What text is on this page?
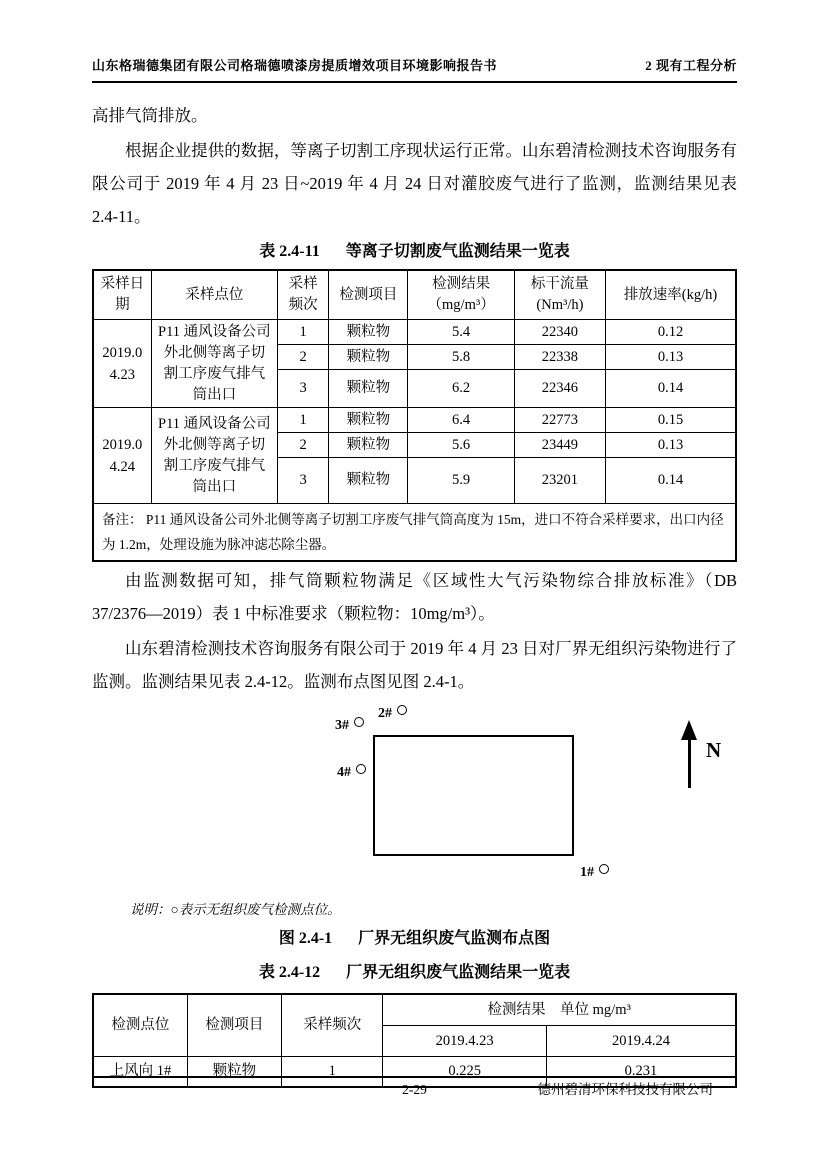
山东格瑞德集团有限公司格瑞德喷漆房提质增效项目环境影响报告书	2 现有工程分析

高排气筒排放。

根据企业提供的数据，等离子切割工序现状运行正常。山东碧清检测技术咨询服务有限公司于 2019 年 4 月 23 日~2019 年 4 月 24 日对灌胶废气进行了监测，监测结果见表 2.4-11。

表 2.4-11 等离子切割废气监测结果一览表
采样日期	采样点位	采样频次	检测项目	检测结果（mg/m³）	标干流量 (Nm³/h)	排放速率(kg/h)
2019.04.23	P11 通风设备公司外北侧等离子切割工序废气排气筒出口	1	颗粒物	5.4	22340	0.12
		2	颗粒物	5.8	22338	0.13
		3	颗粒物	6.2	22346	0.14
2019.04.24	P11 通风设备公司外北侧等离子切割工序废气排气筒出口	1	颗粒物	6.4	22773	0.15
		2	颗粒物	5.6	23449	0.13
		3	颗粒物	5.9	23201	0.14
备注： P11 通风设备公司外北侧等离子切割工序废气排气筒高度为 15m，进口不符合采样要求，出口内径为 1.2m，处理设施为脉冲滤芯除尘器。						

由监测数据可知，排气筒颗粒物满足《区域性大气污染物综合排放标准》（DB 37/2376—2019）表 1 中标准要求（颗粒物：10mg/m³）。

山东碧清检测技术咨询服务有限公司于 2019 年 4 月 23 日对厂界无组织污染物进行了监测。监测结果见表 2.4-12。监测布点图见图 2.4-1。

2#
3#
4#
1#
N
说明：○表示无组织废气检测点位。
图 2.4-1 厂界无组织废气监测布点图
表 2.4-12 厂界无组织废气监测结果一览表
检测点位	检测项目	采样频次	检测结果　单位 mg/m³	
			2019.4.23	2019.4.24
上风向 1#	颗粒物	1	0.225	0.231
2-29	德州碧清环保科技技有限公司
